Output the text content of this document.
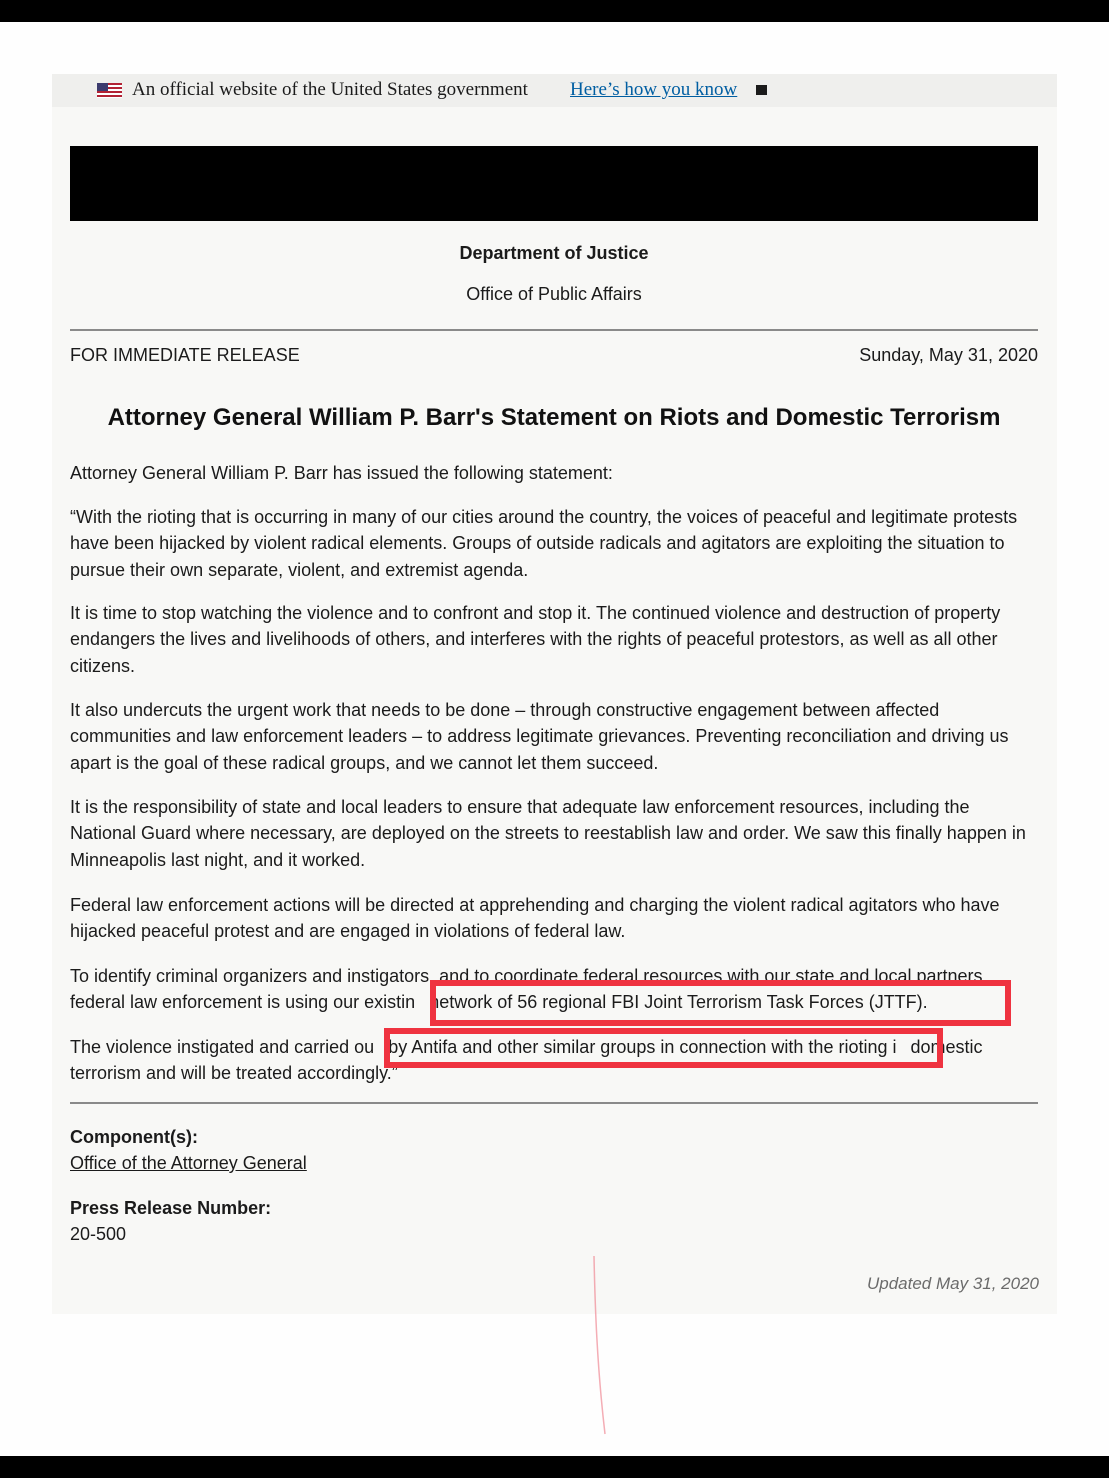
An official website of the United States government Here’s how you know
Department of Justice
Office of Public Affairs
FOR IMMEDIATE RELEASE	Sunday, May 31, 2020
Attorney General William P. Barr's Statement on Riots and Domestic Terrorism

Attorney General William P. Barr has issued the following statement:

“With the rioting that is occurring in many of our cities around the country, the voices of peaceful and legitimate protests have been hijacked by violent radical elements. Groups of outside radicals and agitators are exploiting the situation to pursue their own separate, violent, and extremist agenda.

It is time to stop watching the violence and to confront and stop it. The continued violence and destruction of property endangers the lives and livelihoods of others, and interferes with the rights of peaceful protestors, as well as all other citizens.

It also undercuts the urgent work that needs to be done – through constructive engagement between affected communities and law enforcement leaders – to address legitimate grievances. Preventing reconciliation and driving us apart is the goal of these radical groups, and we cannot let them succeed.

It is the responsibility of state and local leaders to ensure that adequate law enforcement resources, including the National Guard where necessary, are deployed on the streets to reestablish law and order. We saw this finally happen in Minneapolis last night, and it worked.

Federal law enforcement actions will be directed at apprehending and charging the violent radical agitators who have hijacked peaceful protest and are engaged in violations of federal law.

To identify criminal organizers and instigators, and to coordinate federal resources with our state and local partners, federal law enforcement is using our existin network of 56 regional FBI Joint Terrorism Task Forces (JTTF).

The violence instigated and carried ou by Antifa and other similar groups in connection with the rioting i domestic terrorism and will be treated accordingly.”

Component(s):
Office of the Attorney General
Press Release Number:
20-500
Updated May 31, 2020
